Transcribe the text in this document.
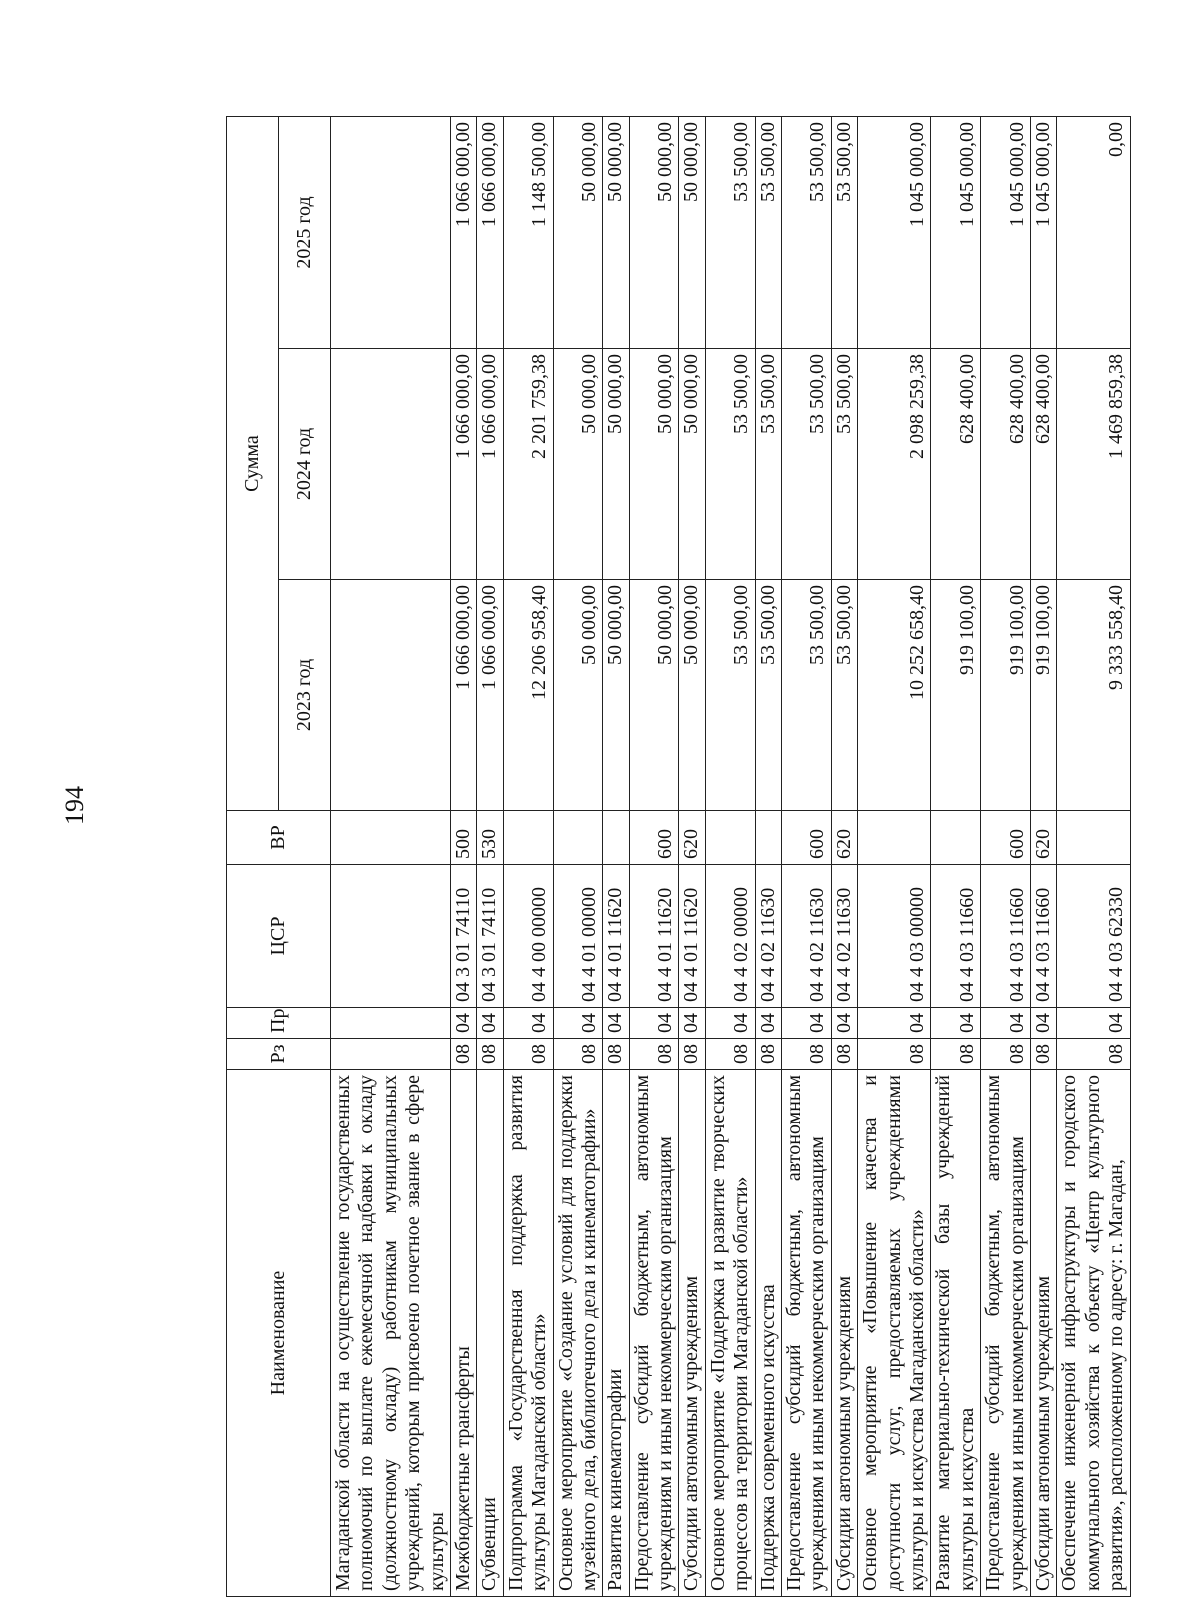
194
Наименование	Рз	Пр	ЦСР	ВР	Сумма		
					2023 год	2024 год	2025 год
Магаданской области на осуществление государственных полномочий по выплате ежемесячной надбавки к окладу (должностному окладу) работникам муниципальных учреждений, которым присвоено почетное звание в сфере культуры							
Межбюджетные трансферты	08	04	04 3 01 74110	500	1 066 000,00	1 066 000,00	1 066 000,00
Субвенции	08	04	04 3 01 74110	530	1 066 000,00	1 066 000,00	1 066 000,00
Подпрограмма «Государственная поддержка развития культуры Магаданской области»	08	04	04 4 00 00000		12 206 958,40	2 201 759,38	1 148 500,00
Основное мероприятие «Создание условий для поддержки музейного дела, библиотечного дела и кинематографии»	08	04	04 4 01 00000		50 000,00	50 000,00	50 000,00
Развитие кинематографии	08	04	04 4 01 11620		50 000,00	50 000,00	50 000,00
Предоставление субсидий бюджетным, автономным учреждениям и иным некоммерческим организациям	08	04	04 4 01 11620	600	50 000,00	50 000,00	50 000,00
Субсидии автономным учреждениям	08	04	04 4 01 11620	620	50 000,00	50 000,00	50 000,00
Основное мероприятие «Поддержка и развитие творческих процессов на территории Магаданской области»	08	04	04 4 02 00000		53 500,00	53 500,00	53 500,00
Поддержка современного искусства	08	04	04 4 02 11630		53 500,00	53 500,00	53 500,00
Предоставление субсидий бюджетным, автономным учреждениям и иным некоммерческим организациям	08	04	04 4 02 11630	600	53 500,00	53 500,00	53 500,00
Субсидии автономным учреждениям	08	04	04 4 02 11630	620	53 500,00	53 500,00	53 500,00
Основное мероприятие «Повышение качества и доступности услуг, предоставляемых учреждениями культуры и искусства Магаданской области»	08	04	04 4 03 00000		10 252 658,40	2 098 259,38	1 045 000,00
Развитие материально-технической базы учреждений культуры и искусства	08	04	04 4 03 11660		919 100,00	628 400,00	1 045 000,00
Предоставление субсидий бюджетным, автономным учреждениям и иным некоммерческим организациям	08	04	04 4 03 11660	600	919 100,00	628 400,00	1 045 000,00
Субсидии автономным учреждениям	08	04	04 4 03 11660	620	919 100,00	628 400,00	1 045 000,00
Обеспечение инженерной инфраструктуры и городского коммунального хозяйства к объекту «Центр культурного развития», расположенному по адресу: г. Магадан,	08	04	04 4 03 62330		9 333 558,40	1 469 859,38	0,00
